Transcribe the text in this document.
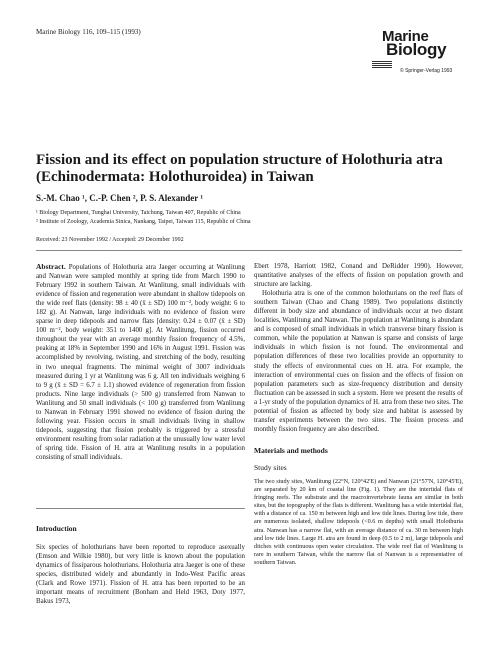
Marine Biology 116, 109–115 (1993)	Marine
Biology
© Springer-Verlag 1993
Fission and its effect on population structure of Holothuria atra (Echinodermata: Holothuroidea) in Taiwan
S.-M. Chao ¹, C.-P. Chen ², P. S. Alexander ¹
¹ Biology Department, Tunghai University, Taichung, Taiwan 407, Republic of China
² Institute of Zoology, Academia Sinica, Nankang, Taipei, Taiwan 115, Republic of China
Received: 23 November 1992 / Accepted: 29 December 1992

Abstract. Populations of Holothuria atra Jaeger occurring at Wanlitung and Nanwan were sampled monthly at spring tide from March 1990 to February 1992 in southern Taiwan. At Wanlitung, small individuals with evidence of fission and regeneration were abundant in shallow tidepools on the wide reef flats (density: 98 ± 40 (x̄ ± SD) 100 m⁻², body weight: 6 to 182 g). At Nanwan, large individuals with no evidence of fission were sparse in deep tidepools and narrow flats [density: 0.24 ± 0.07 (x̄ ± SD) 100 m⁻², body weight: 351 to 1400 g]. At Wanlitung, fission occurred throughout the year with an average monthly fission frequency of 4.5%, peaking at 18% in September 1990 and 16% in August 1991. Fission was accomplished by revolving, twisting, and stretching of the body, resulting in two unequal fragments. The minimal weight of 3007 individuals measured during 1 yr at Wanlitung was 6 g. All ten individuals weighing 6 to 9 g (x̄ ± SD = 6.7 ± 1.1) showed evidence of regeneration from fission products. Nine large individuals (> 500 g) transferred from Nanwan to Wanlitung and 50 small individuals (< 100 g) transferred from Wanlitung to Nanwan in February 1991 showed no evidence of fission during the following year. Fission occurs in small individuals living in shallow tidepools, suggesting that fission probably is triggered by a stressful environment resulting from solar radiation at the unusually low water level of spring tide. Fission of H. atra at Wanlitung results in a population consisting of small individuals.

Introduction

Six species of holothurians have been reported to reproduce asexually (Emson and Wilkie 1980), but very little is known about the population dynamics of fissiparous holothurians. Holothuria atra Jaeger is one of these species, distributed widely and abundantly in Indo-West Pacific areas (Clark and Rowe 1971). Fission of H. atra has been reported to be an important means of recruitment (Bonham and Held 1963, Doty 1977, Bakus 1973,

Ebert 1978, Harriott 1982, Conand and DeRidder 1990). However, quantitative analyses of the effects of fission on population growth and structure are lacking.

Holothuria atra is one of the common holothurians on the reef flats of southern Taiwan (Chao and Chang 1989). Two populations distinctly different in body size and abundance of individuals occur at two distant localities, Wanlitung and Nanwan. The population at Wanlitung is abundant and is composed of small individuals in which transverse binary fission is common, while the population at Nanwan is sparse and consists of large individuals in which fission is not found. The environmental and population differences of these two localities provide an opportunity to study the effects of environmental cues on H. atra. For example, the interaction of environmental cues on fission and the effects of fission on population parameters such as size-frequency distribution and density fluctuation can be assessed in such a system. Here we present the results of a 1-yr study of the population dynamics of H. atra from these two sites. The potential of fission as affected by body size and habitat is assessed by transfer experiments between the two sites. The fission process and monthly fission frequency are also described.

Materials and methods

Study sites

The two study sites, Wanlitung (22°N, 120°42'E) and Nanwan (21°57'N, 120°45'E), are separated by 20 km of coastal line (Fig. 1). They are the intertidal flats of fringing reefs. The substrate and the macroinvertebrate fauna are similar in both sites, but the topography of the flats is different. Wanlitung has a wide intertidal flat, with a distance of ca. 150 m between high and low tide lines. During low tide, there are numerous isolated, shallow tidepools (<0.6 m depths) with small Holothuria atra. Nanwan has a narrow flat, with an average distance of ca. 30 m between high and low tide lines. Large H. atra are found in deep (0.5 to 2 m), large tidepools and ditches with continuous open water circulation. The wide reef flat of Wanlitung is rare in southern Taiwan, while the narrow flat of Nanwan is a representative of southern Taiwan.
